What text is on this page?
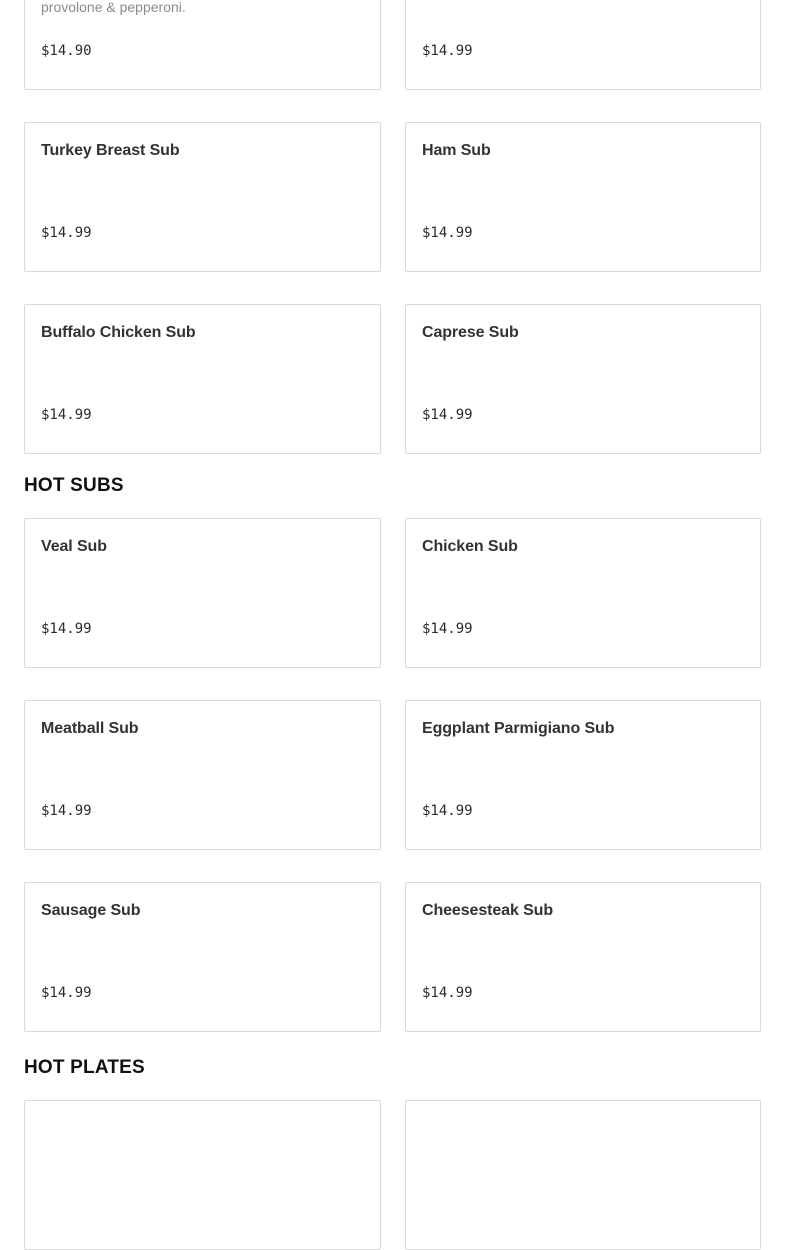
provolone & pepperoni.
$14.90	$14.99
Turkey Breast Sub
$14.99
Ham Sub
$14.99
Buffalo Chicken Sub
$14.99
Caprese Sub
$14.99
HOT SUBS
Veal Sub
$14.99
Chicken Sub
$14.99
Meatball Sub
$14.99
Eggplant Parmigiano Sub
$14.99
Sausage Sub
$14.99
Cheesesteak Sub
$14.99
HOT PLATES
